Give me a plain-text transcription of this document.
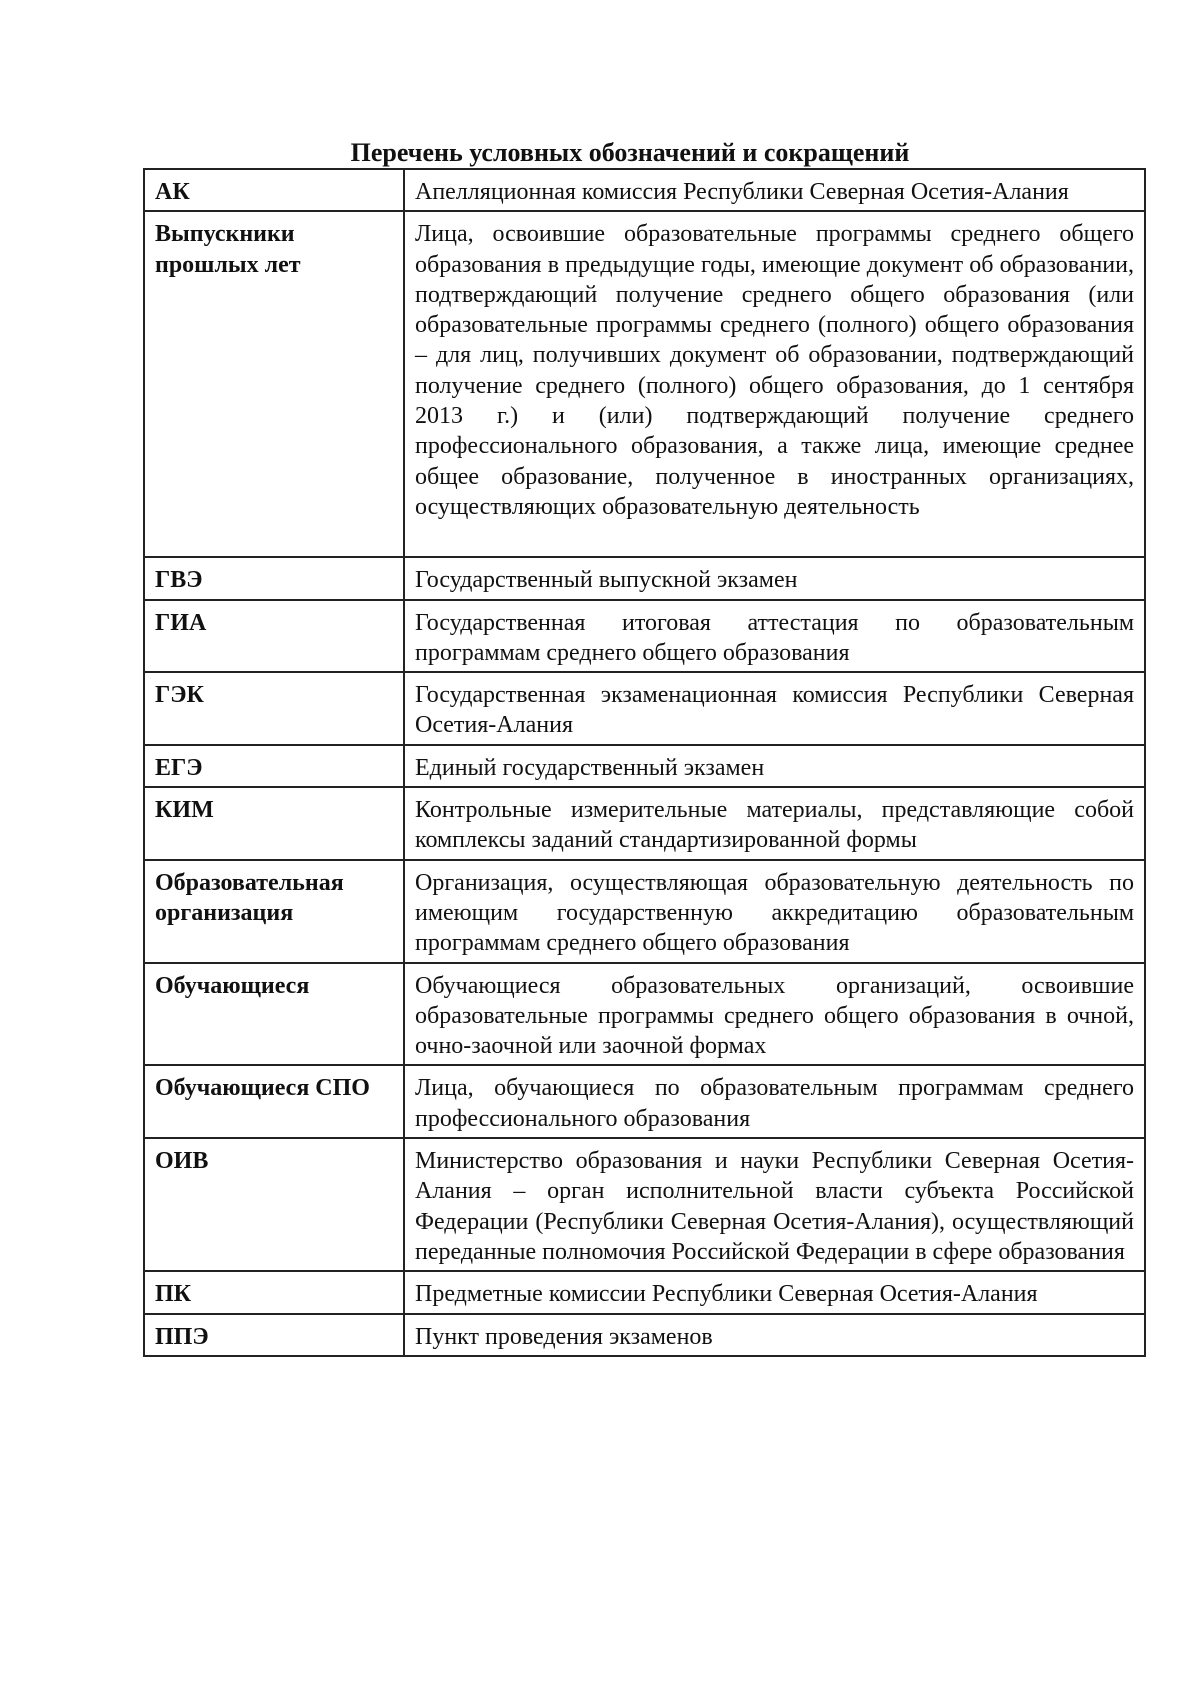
Перечень условных обозначений и сокращений
АК	Апелляционная комиссия Республики Северная Осетия-Алания
Выпускники прошлых лет	Лица, освоившие образовательные программы среднего общего образования в предыдущие годы, имеющие документ об образовании, подтверждающий получение среднего общего образования (или образовательные программы среднего (полного) общего образования – для лиц, получивших документ об образовании, подтверждающий получение среднего (полного) общего образования, до 1 сентября 2013 г.) и (или) подтверждающий получение среднего профессионального образования, а также лица, имеющие среднее общее образование, полученное в иностранных организациях, осуществляющих образовательную деятельность
ГВЭ	Государственный выпускной экзамен
ГИА	Государственная итоговая аттестация по образовательным программам среднего общего образования
ГЭК	Государственная экзаменационная комиссия Республики Северная Осетия-Алания
ЕГЭ	Единый государственный экзамен
КИМ	Контрольные измерительные материалы, представляющие собой комплексы заданий стандартизированной формы
Образовательная организация	Организация, осуществляющая образовательную деятельность по имеющим государственную аккредитацию образовательным программам среднего общего образования
Обучающиеся	Обучающиеся образовательных организаций, освоившие образовательные программы среднего общего образования в очной, очно-заочной или заочной формах
Обучающиеся СПО	Лица, обучающиеся по образовательным программам среднего профессионального образования
ОИВ	Министерство образования и науки Республики Северная Осетия-Алания – орган исполнительной власти субъекта Российской Федерации (Республики Северная Осетия-Алания), осуществляющий переданные полномочия Российской Федерации в сфере образования
ПК	Предметные комиссии Республики Северная Осетия-Алания
ППЭ	Пункт проведения экзаменов
